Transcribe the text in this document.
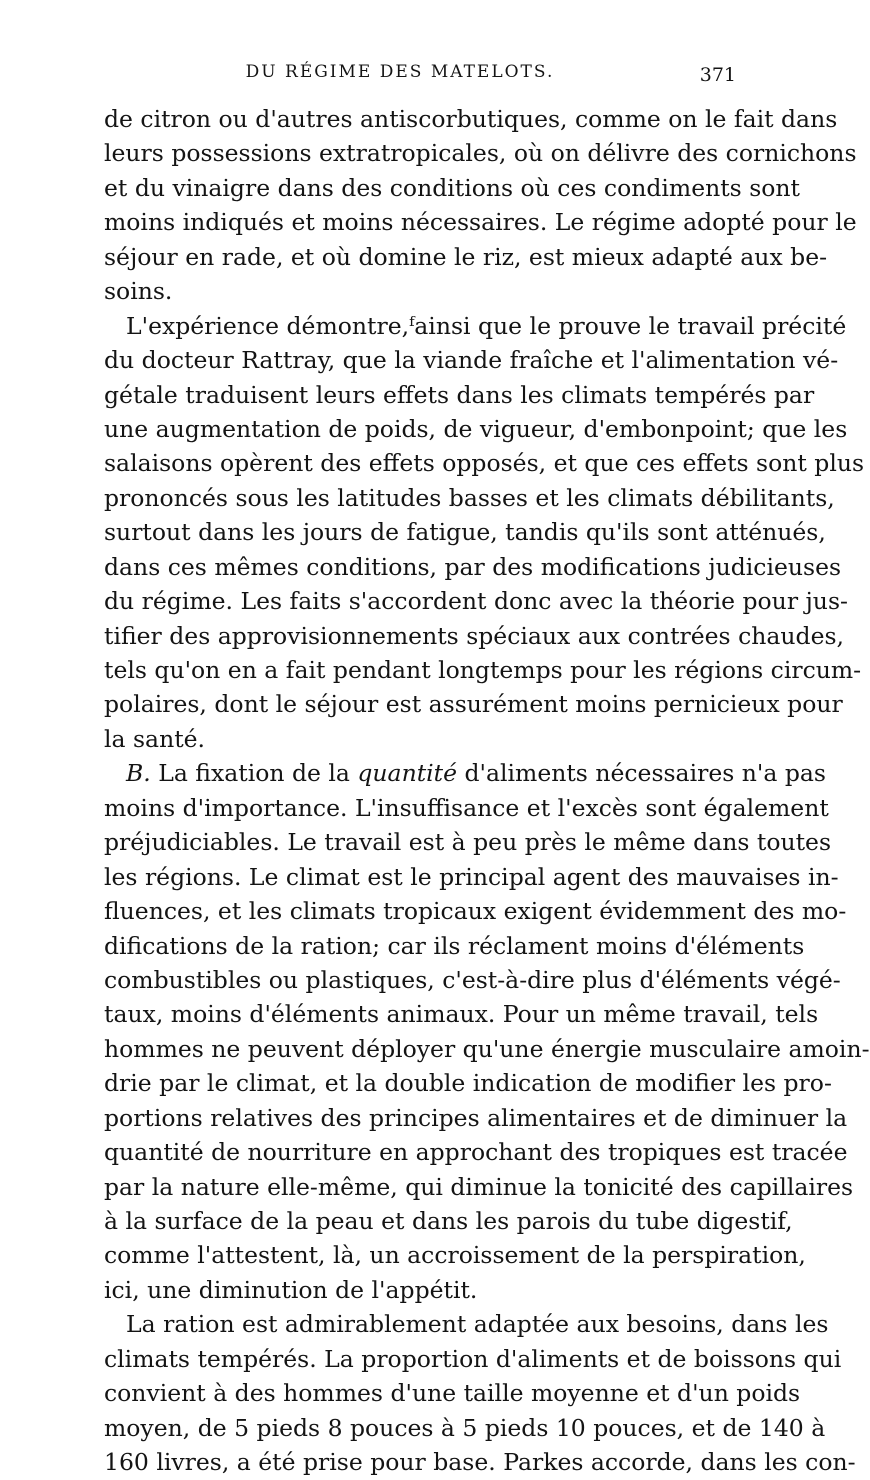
DU RÉGIME DES MATELOTS.	371
de citron ou d'autres antiscorbutiques, comme on le fait dans
leurs possessions extratropicales, où on délivre des cornichons
et du vinaigre dans des conditions où ces condiments sont
moins indiqués et moins nécessaires. Le régime adopté pour le
séjour en rade, et où domine le riz, est mieux adapté aux be-
soins.
L'expérience démontre,ᶠainsi que le prouve le travail précité
du docteur Rattray, que la viande fraîche et l'alimentation vé-
gétale traduisent leurs effets dans les climats tempérés par
une augmentation de poids, de vigueur, d'embonpoint; que les
salaisons opèrent des effets opposés, et que ces effets sont plus
prononcés sous les latitudes basses et les climats débilitants,
surtout dans les jours de fatigue, tandis qu'ils sont atténués,
dans ces mêmes conditions, par des modifications judicieuses
du régime. Les faits s'accordent donc avec la théorie pour jus-
tifier des approvisionnements spéciaux aux contrées chaudes,
tels qu'on en a fait pendant longtemps pour les régions circum-
polaires, dont le séjour est assurément moins pernicieux pour
la santé.
B. La fixation de la quantité d'aliments nécessaires n'a pas
moins d'importance. L'insuffisance et l'excès sont également
préjudiciables. Le travail est à peu près le même dans toutes
les régions. Le climat est le principal agent des mauvaises in-
fluences, et les climats tropicaux exigent évidemment des mo-
difications de la ration; car ils réclament moins d'éléments
combustibles ou plastiques, c'est-à-dire plus d'éléments végé-
taux, moins d'éléments animaux. Pour un même travail, tels
hommes ne peuvent déployer qu'une énergie musculaire amoin-
drie par le climat, et la double indication de modifier les pro-
portions relatives des principes alimentaires et de diminuer la
quantité de nourriture en approchant des tropiques est tracée
par la nature elle-même, qui diminue la tonicité des capillaires
à la surface de la peau et dans les parois du tube digestif,
comme l'attestent, là, un accroissement de la perspiration,
ici, une diminution de l'appétit.
La ration est admirablement adaptée aux besoins, dans les
climats tempérés. La proportion d'aliments et de boissons qui
convient à des hommes d'une taille moyenne et d'un poids
moyen, de 5 pieds 8 pouces à 5 pieds 10 pouces, et de 140 à
160 livres, a été prise pour base. Parkes accorde, dans les con-
